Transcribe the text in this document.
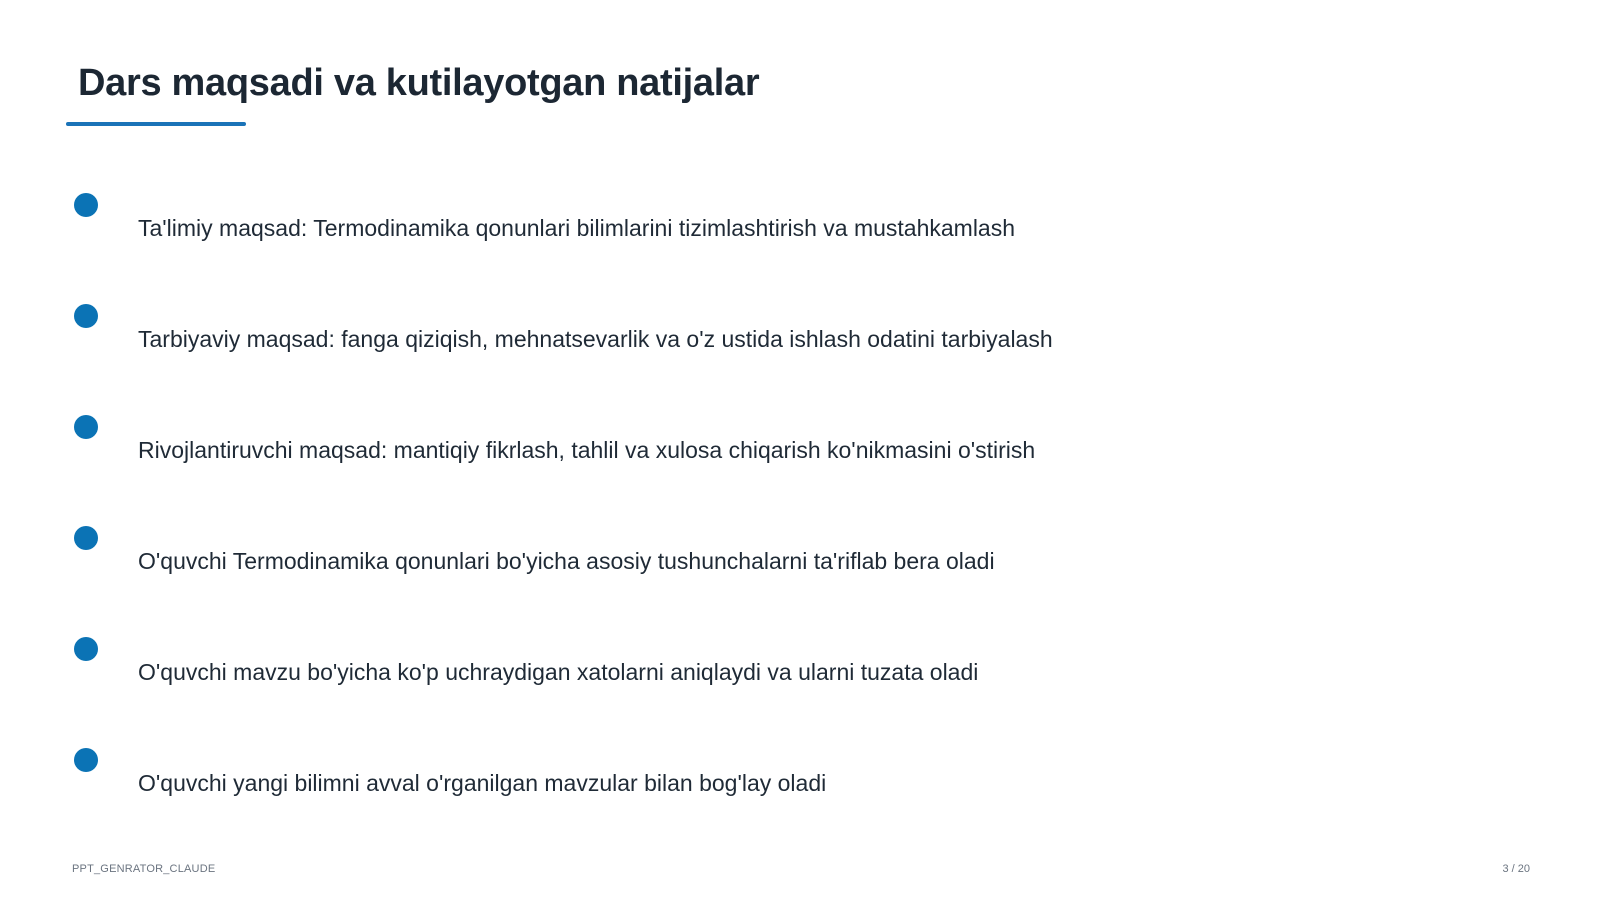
Dars maqsadi va kutilayotgan natijalar
Ta'limiy maqsad: Termodinamika qonunlari bilimlarini tizimlashtirish va mustahkamlash
Tarbiyaviy maqsad: fanga qiziqish, mehnatsevarlik va o'z ustida ishlash odatini tarbiyalash
Rivojlantiruvchi maqsad: mantiqiy fikrlash, tahlil va xulosa chiqarish ko'nikmasini o'stirish
O'quvchi Termodinamika qonunlari bo'yicha asosiy tushunchalarni ta'riflab bera oladi
O'quvchi mavzu bo'yicha ko'p uchraydigan xatolarni aniqlaydi va ularni tuzata oladi
O'quvchi yangi bilimni avval o'rganilgan mavzular bilan bog'lay oladi
PPT_GENRATOR_CLAUDE	3 / 20
